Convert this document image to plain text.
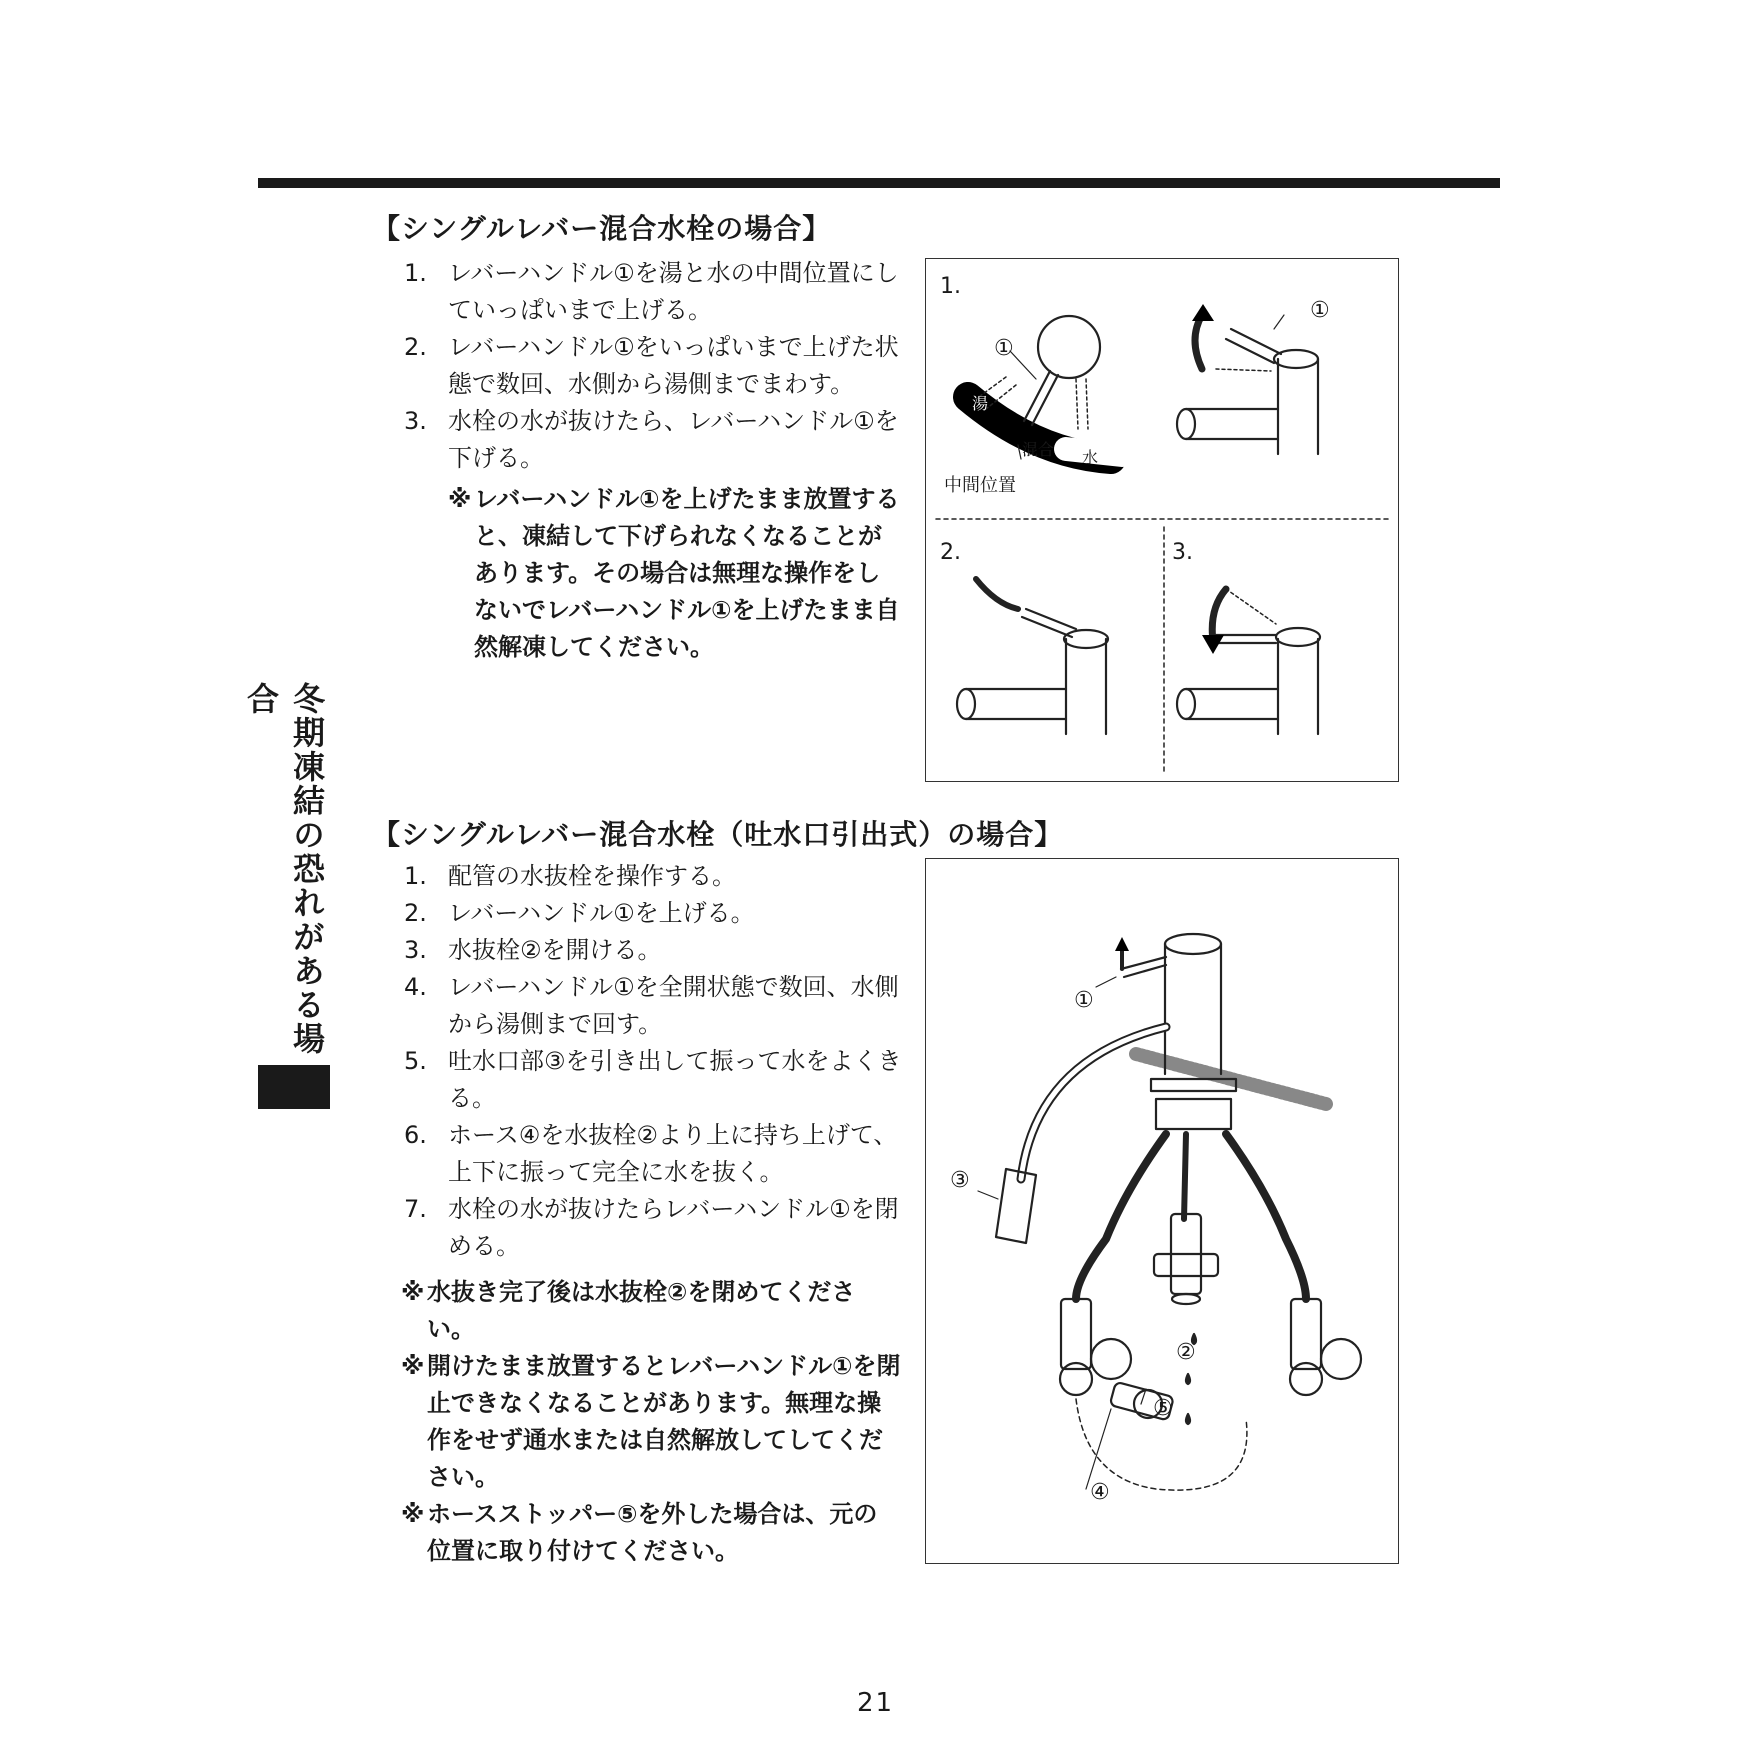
【シングルレバー混合水栓の場合】
1. レバーハンドル①を湯と水の中間位置にしていっぱいまで上げる。
2. レバーハンドル①をいっぱいまで上げた状態で数回、水側から湯側までまわす。
3. 水栓の水が抜けたら、レバーハンドル①を下げる。
※ レバーハンドル①を上げたまま放置すると、凍結して下げられなくなることがあります。その場合は無理な操作をしないでレバーハンドル①を上げたまま自然解凍してください。
1.
2.	3.
①
①
湯
混合 水
中間位置
【シングルレバー混合水栓（吐水口引出式）の場合】
1. 配管の水抜栓を操作する。
2. レバーハンドル①を上げる。
3. 水抜栓②を開ける。
4. レバーハンドル①を全開状態で数回、水側から湯側まで回す。
5. 吐水口部③を引き出して振って水をよくきる。
6. ホース④を水抜栓②より上に持ち上げて、上下に振って完全に水を抜く。
7. 水栓の水が抜けたらレバーハンドル①を閉める。
※ 水抜き完了後は水抜栓②を閉めてください。
※ 開けたまま放置するとレバーハンドル①を閉止できなくなることがあります。無理な操作をせず通水または自然解放してしてください。
※ ホースストッパー⑤を外した場合は、元の位置に取り付けてください。
①
②
③
④
⑤
冬期凍結の恐れがある場合
21
